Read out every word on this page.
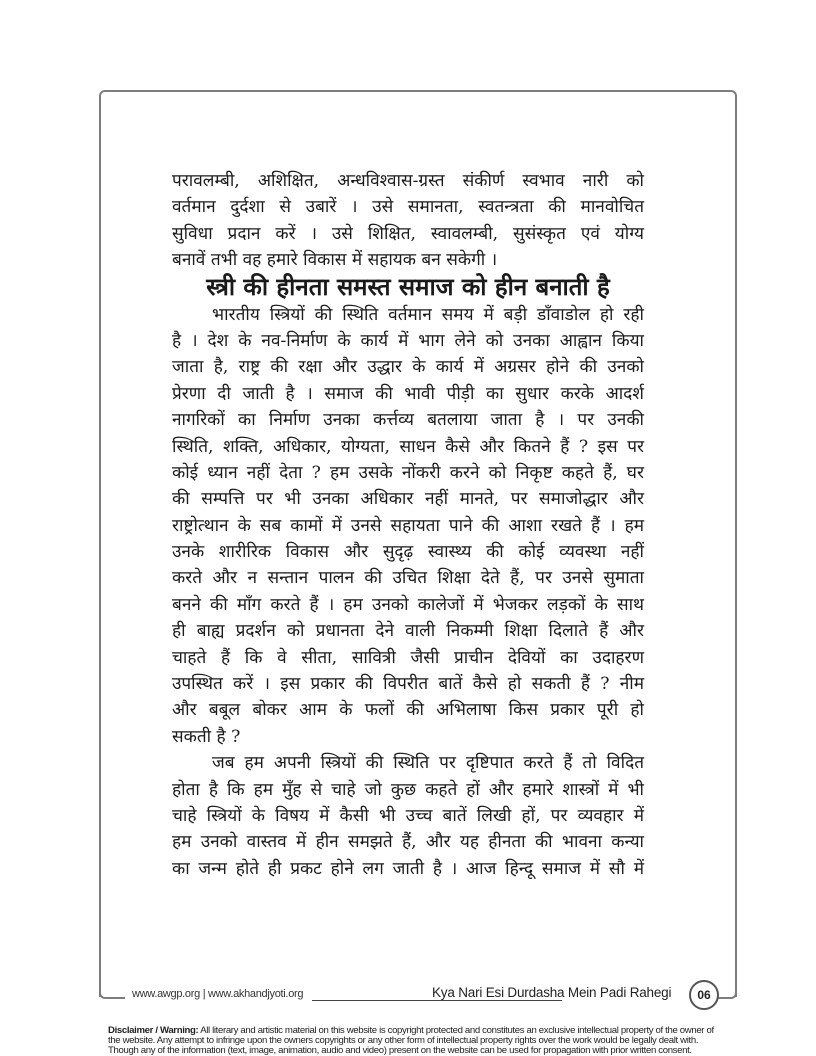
परावलम्बी, अशिक्षित, अन्धविश्वास-ग्रस्त संकीर्ण स्वभाव नारी को
वर्तमान दुर्दशा से उबारें । उसे समानता, स्वतन्त्रता की मानवोचित
सुविधा प्रदान करें । उसे शिक्षित, स्वावलम्बी, सुसंस्कृत एवं योग्य
बनावें तभी वह हमारे विकास में सहायक बन सकेगी ।
स्त्री की हीनता समस्त समाज को हीन बनाती है
भारतीय स्त्रियों की स्थिति वर्तमान समय में बड़ी डाँवाडोल हो रही
है । देश के नव-निर्माण के कार्य में भाग लेने को उनका आह्वान किया
जाता है, राष्ट्र की रक्षा और उद्धार के कार्य में अग्रसर होने की उनको
प्रेरणा दी जाती है । समाज की भावी पीड़ी का सुधार करके आदर्श
नागरिकों का निर्माण उनका कर्त्तव्य बतलाया जाता है । पर उनकी
स्थिति, शक्ति, अधिकार, योग्यता, साधन कैसे और कितने हैं ? इस पर
कोई ध्यान नहीं देता ? हम उसके नोंकरी करने को निकृष्ट कहते हैं, घर
की सम्पत्ति पर भी उनका अधिकार नहीं मानते, पर समाजोद्धार और
राष्ट्रोत्थान के सब कामों में उनसे सहायता पाने की आशा रखते हैं । हम
उनके शारीरिक विकास और सुदृढ़ स्वास्थ्य की कोई व्यवस्था नहीं
करते और न सन्तान पालन की उचित शिक्षा देते हैं, पर उनसे सुमाता
बनने की माँग करते हैं । हम उनको कालेजों में भेजकर लड़कों के साथ
ही बाह्य प्रदर्शन को प्रधानता देने वाली निकम्मी शिक्षा दिलाते हैं और
चाहते हैं कि वे सीता, सावित्री जैसी प्राचीन देवियों का उदाहरण
उपस्थित करें । इस प्रकार की विपरीत बातें कैसे हो सकती हैं ? नीम
और बबूल बोकर आम के फलों की अभिलाषा किस प्रकार पूरी हो
सकती है ?
जब हम अपनी स्त्रियों की स्थिति पर दृष्टिपात करते हैं तो विदित
होता है कि हम मुँह से चाहे जो कुछ कहते हों और हमारे शास्त्रों में भी
चाहे स्त्रियों के विषय में कैसी भी उच्च बातें लिखी हों, पर व्यवहार में
हम उनको वास्तव में हीन समझते हैं, और यह हीनता की भावना कन्या
का जन्म होते ही प्रकट होने लग जाती है । आज हिन्दू समाज में सौ में
www.awgp.org | www.akhandjyoti.org	Kya Nari Esi Durdasha Mein Padi Rahegi	06
Disclaimer / Warning: All literary and artistic material on this website is copyright protected and constitutes an exclusive intellectual property of the owner of the website. Any attempt to infringe upon the owners copyrights or any other form of intellectual property rights over the work would be legally dealt with. Though any of the information (text, image, animation, audio and video) present on the website can be used for propagation with prior written consent.
